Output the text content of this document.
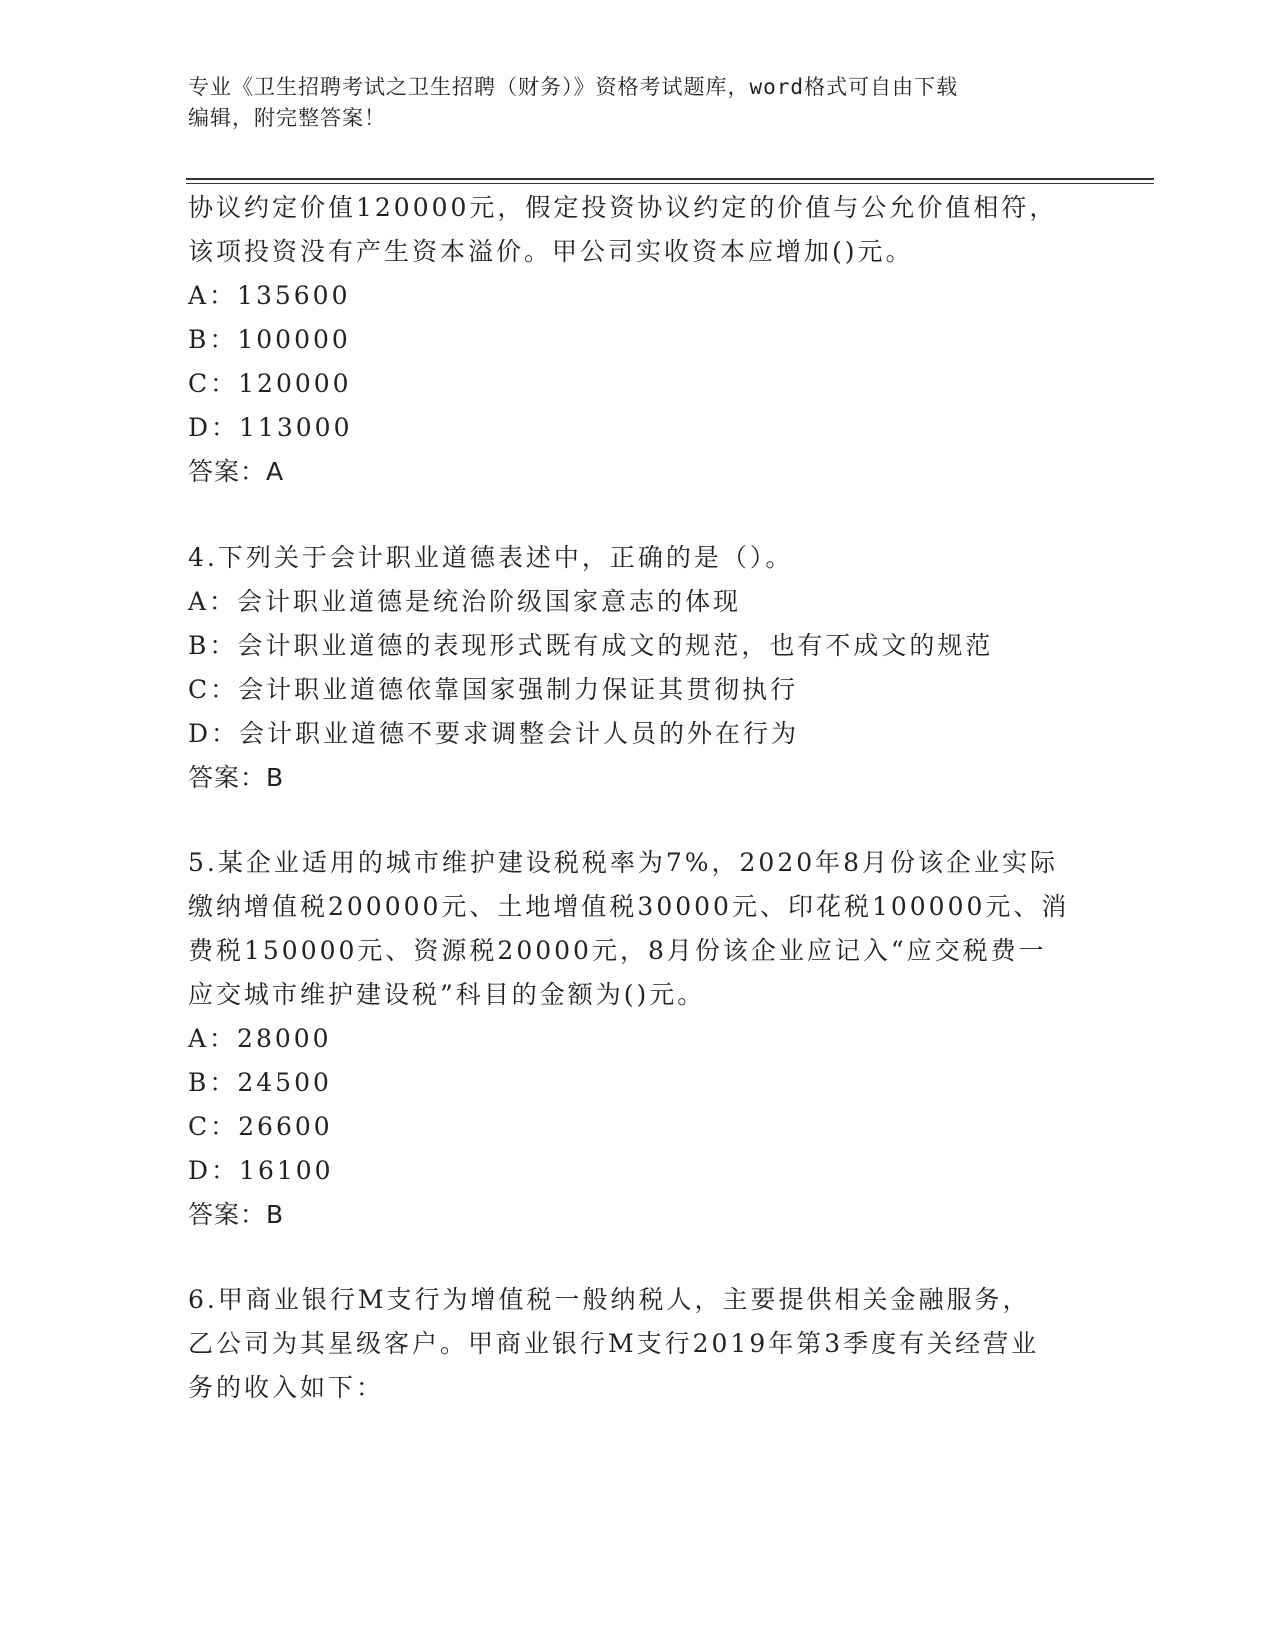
专业《卫生招聘考试之卫生招聘（财务）》资格考试题库，word格式可自由下载
编辑，附完整答案！
协议约定价值120000元，假定投资协议约定的价值与公允价值相符，
该项投资没有产生资本溢价。甲公司实收资本应增加()元。
A：135600
B：100000
C：120000
D：113000
答案：A
4.下列关于会计职业道德表述中，正确的是（）。
A：会计职业道德是统治阶级国家意志的体现
B：会计职业道德的表现形式既有成文的规范，也有不成文的规范
C：会计职业道德依靠国家强制力保证其贯彻执行
D：会计职业道德不要求调整会计人员的外在行为
答案：B
5.某企业适用的城市维护建设税税率为7%，2020年8月份该企业实际
缴纳增值税200000元、土地增值税30000元、印花税100000元、消
费税150000元、资源税20000元，8月份该企业应记入“应交税费一
应交城市维护建设税”科目的金额为()元。
A：28000
B：24500
C：26600
D：16100
答案：B
6.甲商业银行M支行为增值税一般纳税人，主要提供相关金融服务，
乙公司为其星级客户。甲商业银行M支行2019年第3季度有关经营业
务的收入如下：
